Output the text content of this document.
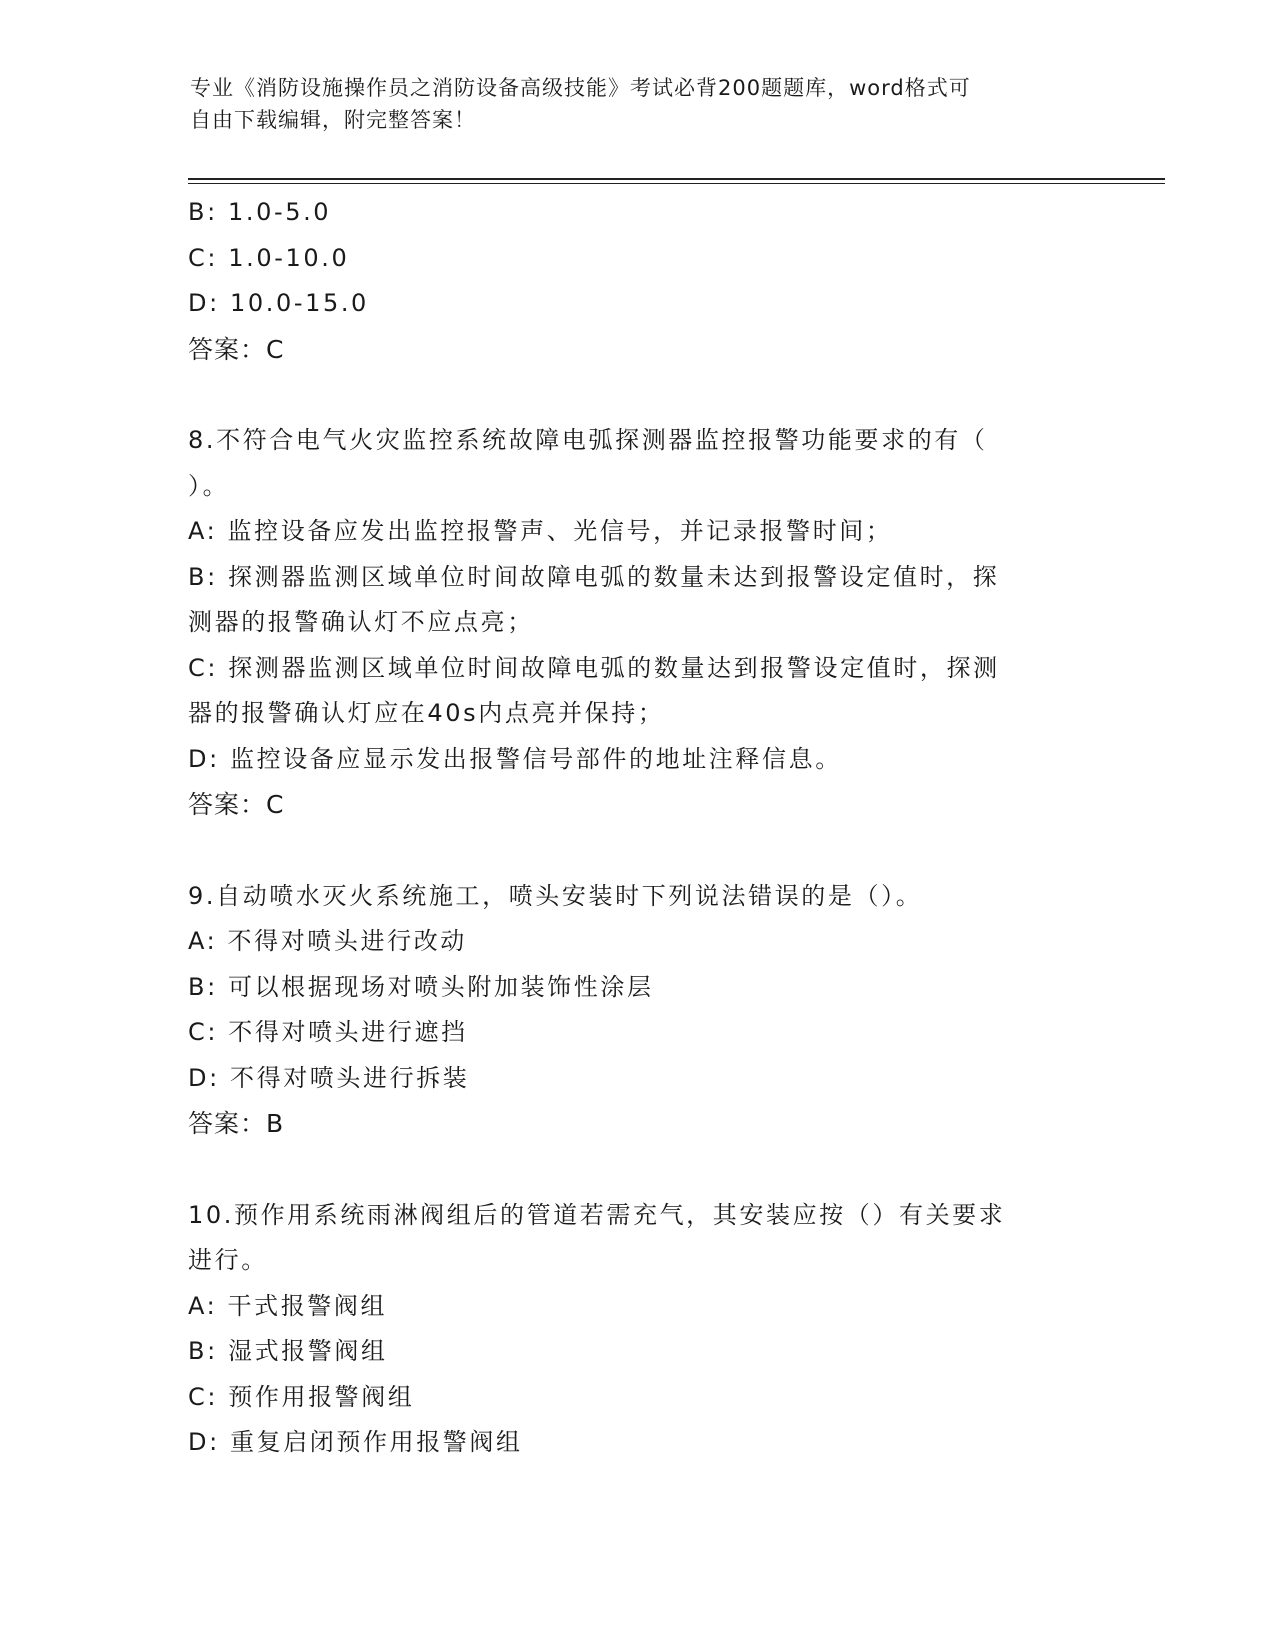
专业《消防设施操作员之消防设备高级技能》考试必背200题题库，word格式可
自由下载编辑，附完整答案！
B: 1.0-5.0
C: 1.0-10.0
D: 10.0-15.0
答案：C
8.不符合电气火灾监控系统故障电弧探测器监控报警功能要求的有（
）。
A: 监控设备应发出监控报警声、光信号，并记录报警时间；
B: 探测器监测区域单位时间故障电弧的数量未达到报警设定值时，探
测器的报警确认灯不应点亮；
C: 探测器监测区域单位时间故障电弧的数量达到报警设定值时，探测
器的报警确认灯应在40s内点亮并保持；
D: 监控设备应显示发出报警信号部件的地址注释信息。
答案：C
9.自动喷水灭火系统施工，喷头安装时下列说法错误的是（）。
A: 不得对喷头进行改动
B: 可以根据现场对喷头附加装饰性涂层
C: 不得对喷头进行遮挡
D: 不得对喷头进行拆装
答案：B
10.预作用系统雨淋阀组后的管道若需充气，其安装应按（）有关要求
进行。
A: 干式报警阀组
B: 湿式报警阀组
C: 预作用报警阀组
D: 重复启闭预作用报警阀组
